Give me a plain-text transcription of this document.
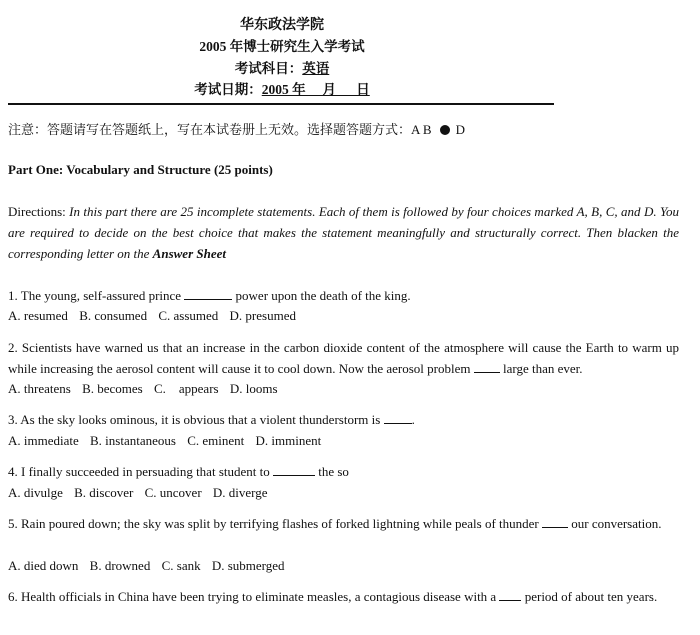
华东政法学院
2005 年博士研究生入学考试
考试科目：英语
考试日期：2005 年     月      日
注意：答题请写在答题纸上，写在本试卷册上无效。选择题答题方式：A B D
Part One: Vocabulary and Structure (25 points)
Directions: In this part there are 25 incomplete statements. Each of them is followed by four choices marked A, B, C, and D. You are required to decide on the best choice that makes the statement meaningfully and structurally correct. Then blacken the corresponding letter on the Answer Sheet
1. The young, self-assured prince	power upon the death of the king.
A. resumed B. consumed C. assumed D. presumed
2. Scientists have warned us that an increase in the carbon dioxide content of the atmosphere will cause the Earth to warm up while increasing the aerosol content will cause it to cool down. Now the aerosol problem	large than ever.
A. threatens B. becomes C.    appears D. looms
3. As the sky looks ominous, it is obvious that a violent thunderstorm is .
A. immediate B. instantaneous C. eminent D. imminent
4. I finally succeeded in persuading that student to	the so
A. divulge B. discover C. uncover D. diverge
5. Rain poured down; the sky was split by terrifying flashes of forked lightning while peals of thunder	our conversation.
A. died down B. drowned C. sank D. submerged
6. Health officials in China have been trying to eliminate measles, a contagious disease with a period of about ten years.
